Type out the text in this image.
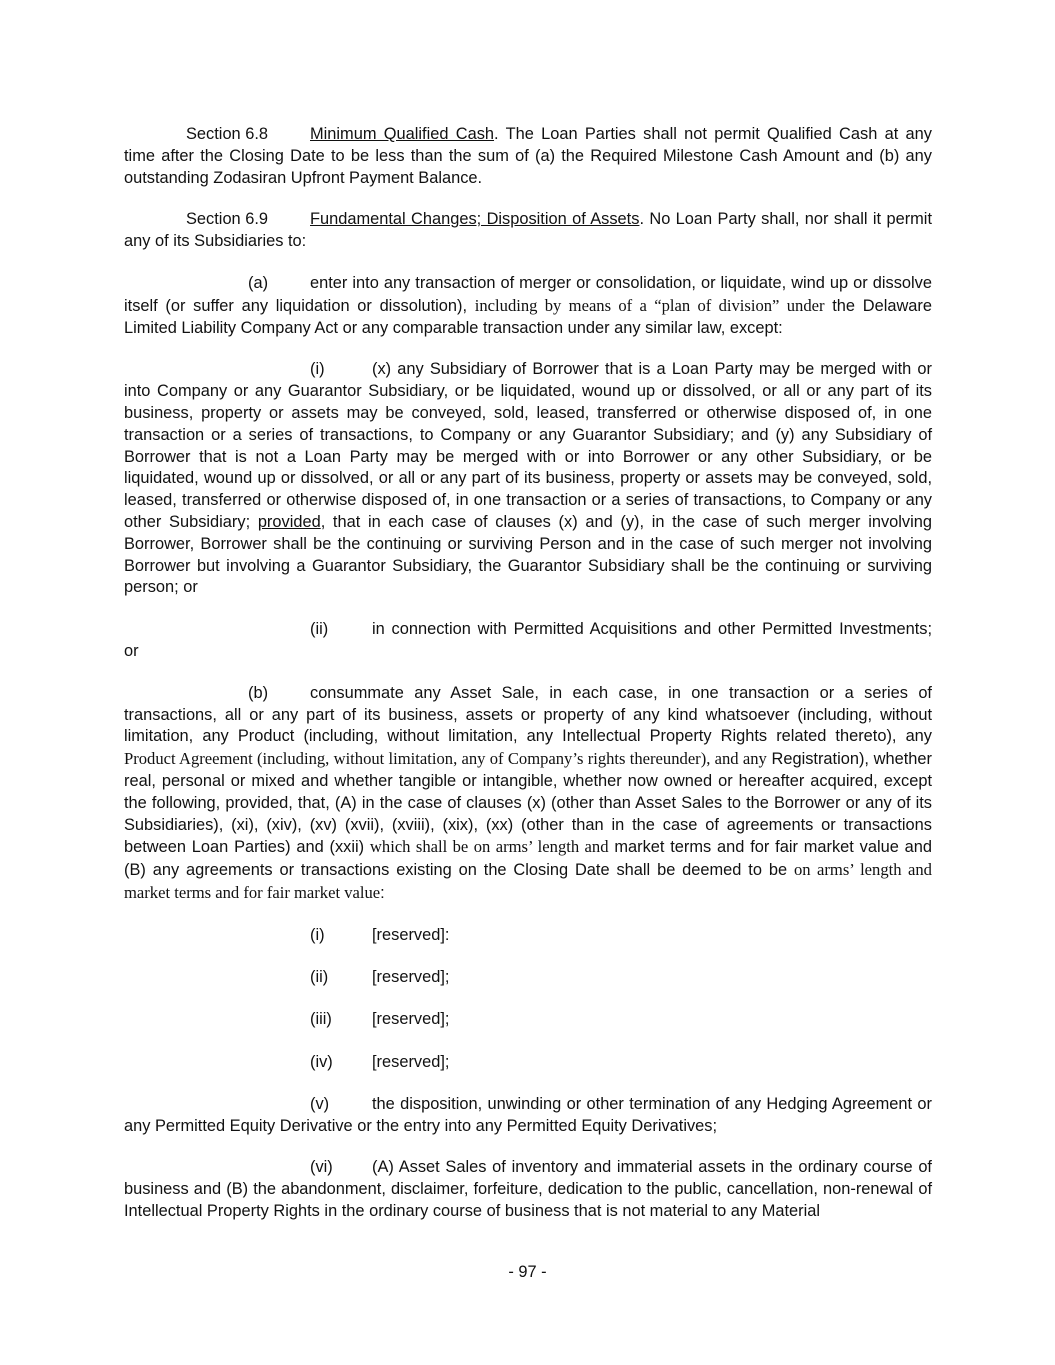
Section 6.8	Minimum Qualified Cash. The Loan Parties shall not permit Qualified Cash at any time after the Closing Date to be less than the sum of (a) the Required Milestone Cash Amount and (b) any outstanding Zodasiran Upfront Payment Balance.

Section 6.9	Fundamental Changes; Disposition of Assets. No Loan Party shall, nor shall it permit any of its Subsidiaries to:

(a)	enter into any transaction of merger or consolidation, or liquidate, wind up or dissolve itself (or suffer any liquidation or dissolution), including by means of a “plan of division” under the Delaware Limited Liability Company Act or any comparable transaction under any similar law, except:

(i)	(x) any Subsidiary of Borrower that is a Loan Party may be merged with or into Company or any Guarantor Subsidiary, or be liquidated, wound up or dissolved, or all or any part of its business, property or assets may be conveyed, sold, leased, transferred or otherwise disposed of, in one transaction or a series of transactions, to Company or any Guarantor Subsidiary; and (y) any Subsidiary of Borrower that is not a Loan Party may be merged with or into Borrower or any other Subsidiary, or be liquidated, wound up or dissolved, or all or any part of its business, property or assets may be conveyed, sold, leased, transferred or otherwise disposed of, in one transaction or a series of transactions, to Company or any other Subsidiary; provided, that in each case of clauses (x) and (y), in the case of such merger involving Borrower, Borrower shall be the continuing or surviving Person and in the case of such merger not involving Borrower but involving a Guarantor Subsidiary, the Guarantor Subsidiary shall be the continuing or surviving person; or

(ii)	in connection with Permitted Acquisitions and other Permitted Investments; or

(b)	consummate any Asset Sale, in each case, in one transaction or a series of transactions, all or any part of its business, assets or property of any kind whatsoever (including, without limitation, any Product (including, without limitation, any Intellectual Property Rights related thereto), any Product Agreement (including, without limitation, any of Company’s rights thereunder), and any Registration), whether real, personal or mixed and whether tangible or intangible, whether now owned or hereafter acquired, except the following, provided, that, (A) in the case of clauses (x) (other than Asset Sales to the Borrower or any of its Subsidiaries), (xi), (xiv), (xv) (xvii), (xviii), (xix), (xx) (other than in the case of agreements or transactions between Loan Parties) and (xxii) which shall be on arms’ length and market terms and for fair market value and (B) any agreements or transactions existing on the Closing Date shall be deemed to be on arms’ length and market terms and for fair market value:

(i)	[reserved]:
(ii)	[reserved];
(iii) [reserved];
(iv) [reserved];

(v)	the disposition, unwinding or other termination of any Hedging Agreement or any Permitted Equity Derivative or the entry into any Permitted Equity Derivatives;

(vi) (A) Asset Sales of inventory and immaterial assets in the ordinary course of business and (B) the abandonment, disclaimer, forfeiture, dedication to the public, cancellation, non-renewal of Intellectual Property Rights in the ordinary course of business that is not material to any Material

- 97 -
